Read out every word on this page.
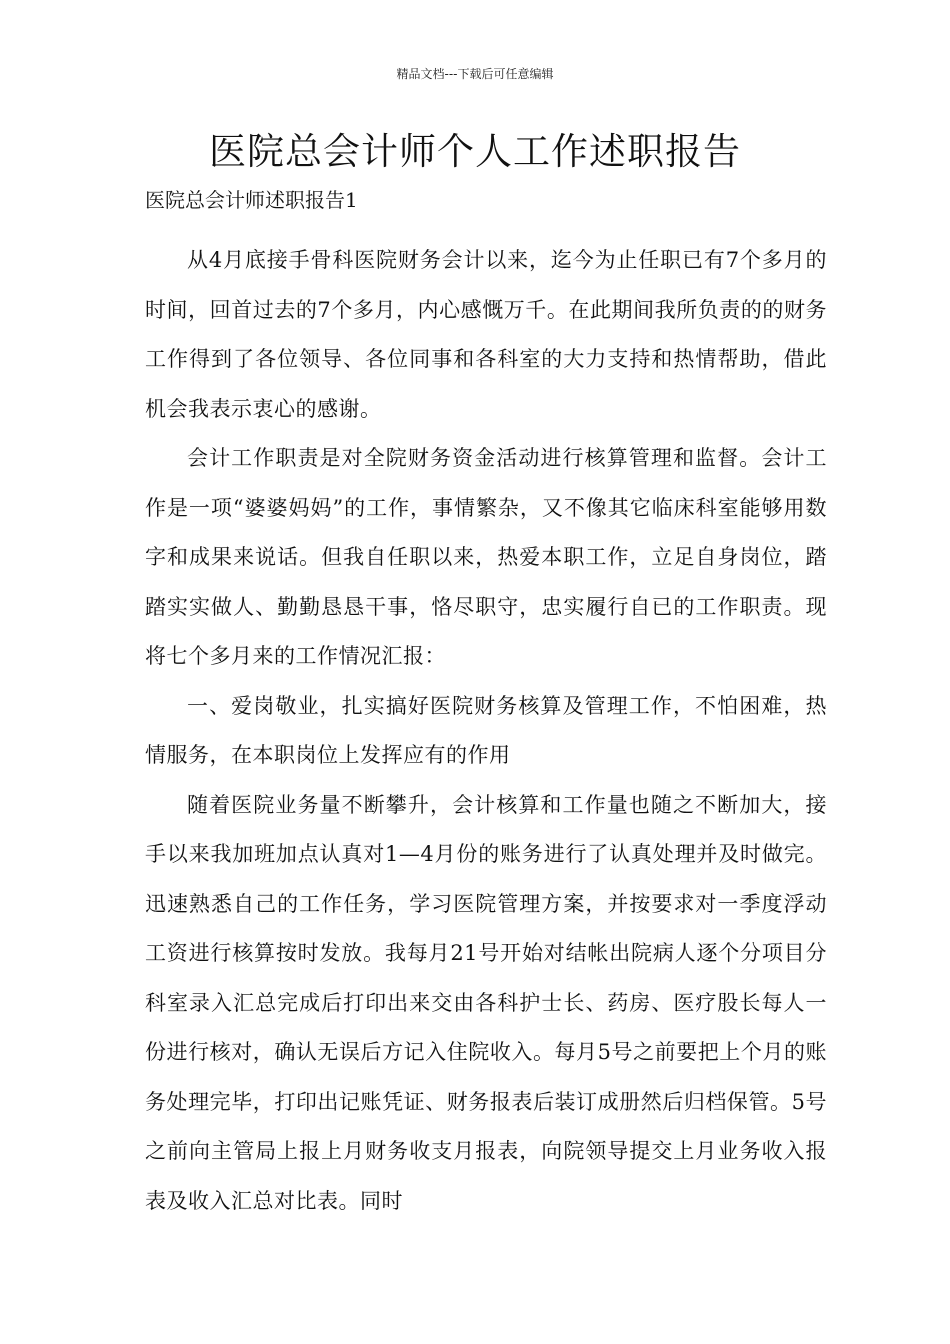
精品文档---下载后可任意编辑
医院总会计师个人工作述职报告
医院总会计师述职报告1

从4月底接手骨科医院财务会计以来，迄今为止任职已有7个多月的时间，回首过去的7个多月，内心感慨万千。在此期间我所负责的的财务工作得到了各位领导、各位同事和各科室的大力支持和热情帮助，借此机会我表示衷心的感谢。

会计工作职责是对全院财务资金活动进行核算管理和监督。会计工作是一项“婆婆妈妈”的工作，事情繁杂，又不像其它临床科室能够用数字和成果来说话。但我自任职以来，热爱本职工作，立足自身岗位，踏踏实实做人、勤勤恳恳干事，恪尽职守，忠实履行自已的工作职责。现将七个多月来的工作情况汇报：

一、爱岗敬业，扎实搞好医院财务核算及管理工作，不怕困难，热情服务，在本职岗位上发挥应有的作用

随着医院业务量不断攀升，会计核算和工作量也随之不断加大，接手以来我加班加点认真对1—4月份的账务进行了认真处理并及时做完。迅速熟悉自己的工作任务，学习医院管理方案，并按要求对一季度浮动工资进行核算按时发放。我每月21号开始对结帐出院病人逐个分项目分科室录入汇总完成后打印出来交由各科护士长、药房、医疗股长每人一份进行核对，确认无误后方记入住院收入。每月5号之前要把上个月的账务处理完毕，打印出记账凭证、财务报表后装订成册然后归档保管。5号之前向主管局上报上月财务收支月报表，向院领导提交上月业务收入报表及收入汇总对比表。同时
